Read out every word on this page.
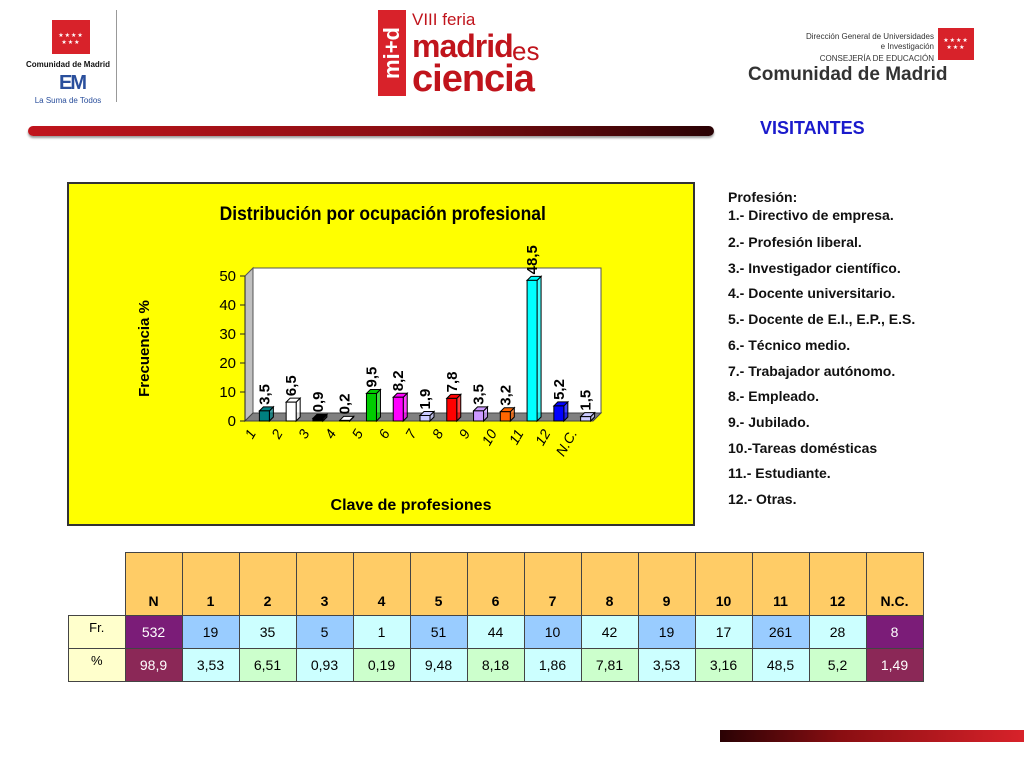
★★★★
★★★
Comunidad de Madrid
EM
La Suma de Todos
mi+d
VIII feria
madrid es
ciencia
Dirección General de Universidades
e Investigación
CONSEJERÍA DE EDUCACIÓN
Comunidad de Madrid
★★★★
★★★
VISITANTES
0
10
20
30
40
50
Distribución por ocupación profesional
Clave de profesiones
Frecuencia %	3,5
1
6,5
2
0,9
3
0,2
4
9,5
5
8,2
6
1,9
7
7,8
8
3,5
9
3,2
10
48,5
11
5,2
12
1,5
N.C.
Profesión:
1.- Directivo de empresa.
2.- Profesión liberal.
3.- Investigador científico.
4.- Docente universitario.
5.- Docente de E.I., E.P., E.S.
6.- Técnico medio.
7.- Trabajador autónomo.
8.- Empleado.
9.- Jubilado.
10.-Tareas domésticas
11.- Estudiante.
12.- Otras.
	N	1	2	3	4	5	6	7	8	9	10	11	12	N.C.
Fr.	532	19	35	5	1	51	44	10	42	19	17	261	28	8
%	98,9	3,53	6,51	0,93	0,19	9,48	8,18	1,86	7,81	3,53	3,16	48,5	5,2	1,49
